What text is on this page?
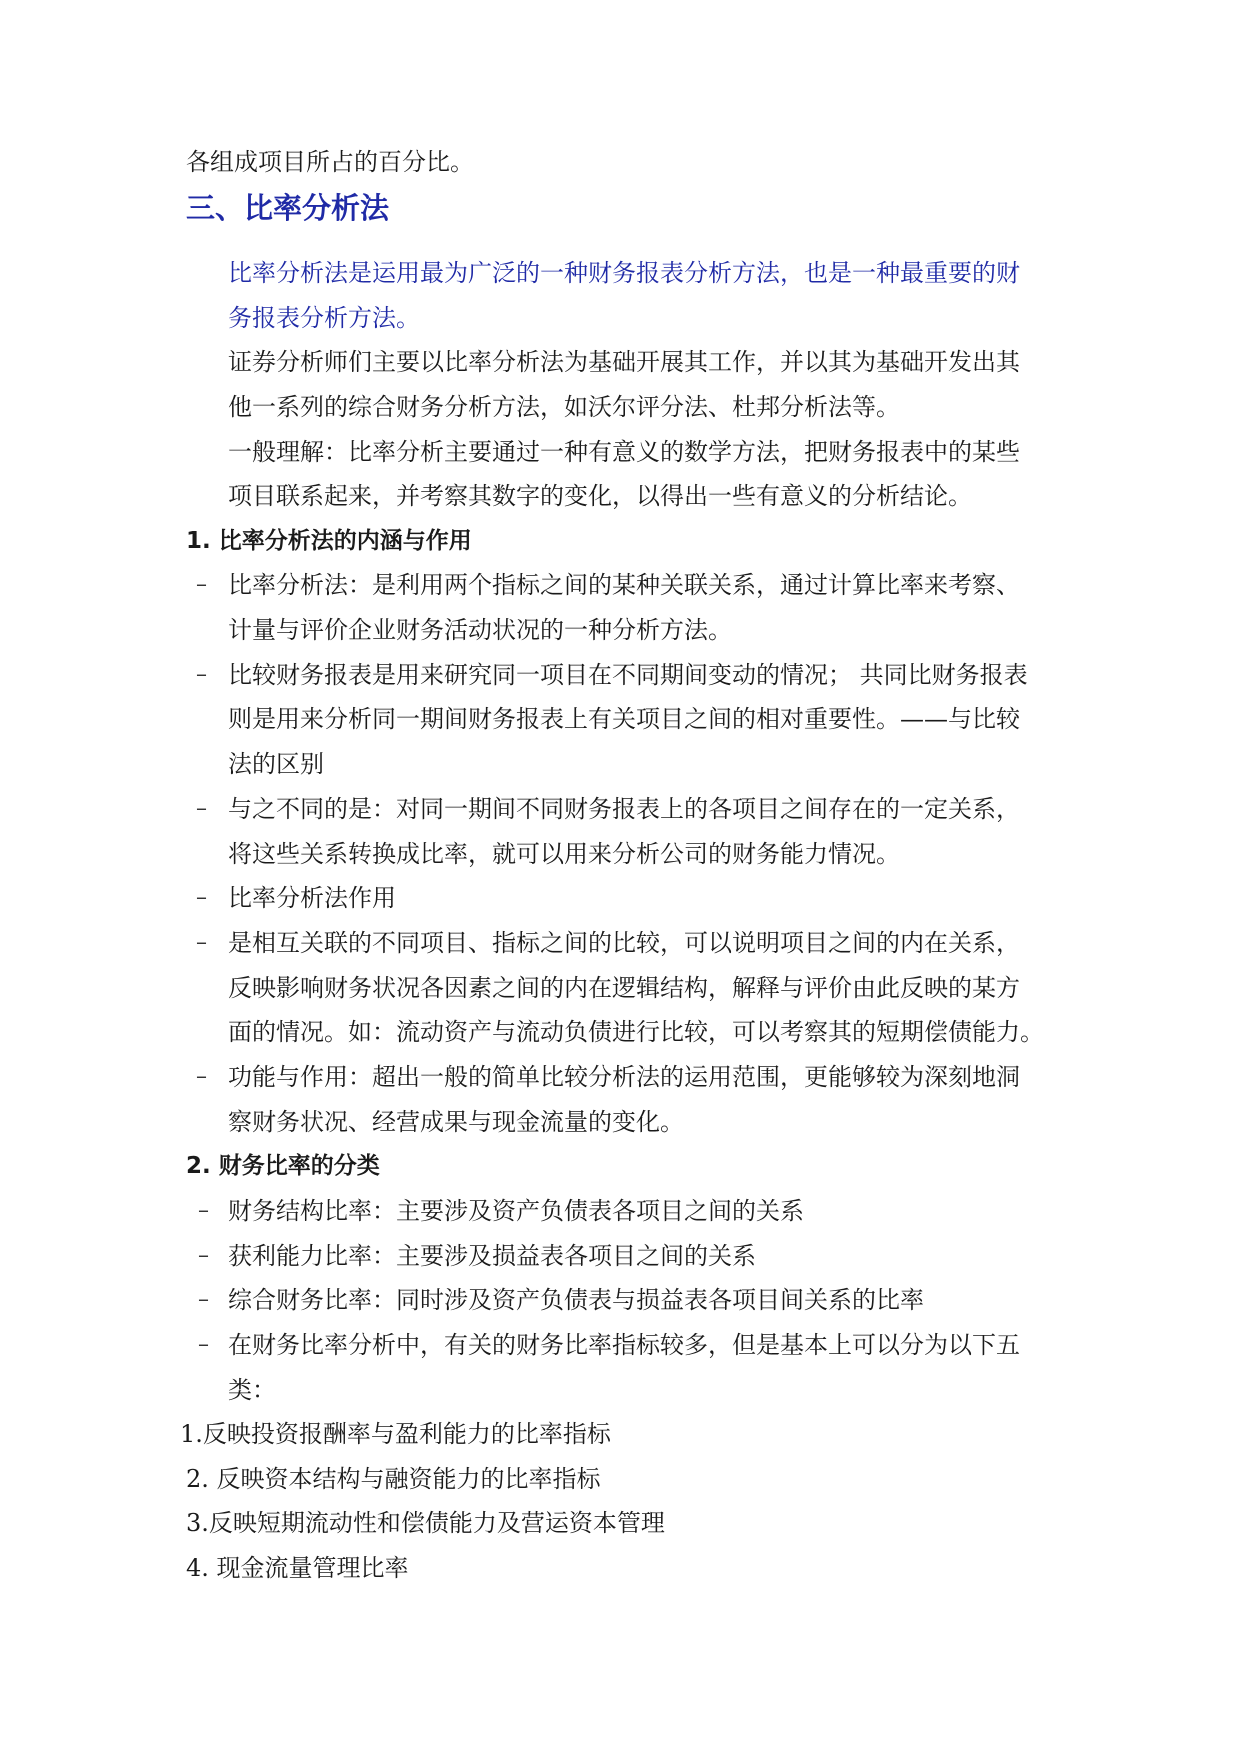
各组成项目所占的百分比。

三、比率分析法

比率分析法是运用最为广泛的一种财务报表分析方法，也是一种最重要的财

务报表分析方法。

证券分析师们主要以比率分析法为基础开展其工作，并以其为基础开发出其

他一系列的综合财务分析方法，如沃尔评分法、杜邦分析法等。

一般理解：比率分析主要通过一种有意义的数学方法，把财务报表中的某些

项目联系起来，并考察其数字的变化，以得出一些有意义的分析结论。

1. 比率分析法的内涵与作用

– 比率分析法：是利用两个指标之间的某种关联关系，通过计算比率来考察、

计量与评价企业财务活动状况的一种分析方法。

– 比较财务报表是用来研究同一项目在不同期间变动的情况； 共同比财务报表

则是用来分析同一期间财务报表上有关项目之间的相对重要性。——与比较

法的区别

– 与之不同的是：对同一期间不同财务报表上的各项目之间存在的一定关系，

将这些关系转换成比率，就可以用来分析公司的财务能力情况。

– 比率分析法作用

– 是相互关联的不同项目、指标之间的比较，可以说明项目之间的内在关系，

反映影响财务状况各因素之间的内在逻辑结构，解释与评价由此反映的某方

面的情况。如：流动资产与流动负债进行比较，可以考察其的短期偿债能力。

– 功能与作用：超出一般的简单比较分析法的运用范围，更能够较为深刻地洞

察财务状况、经营成果与现金流量的变化。

2. 财务比率的分类

– 财务结构比率：主要涉及资产负债表各项目之间的关系

– 获利能力比率：主要涉及损益表各项目之间的关系

– 综合财务比率：同时涉及资产负债表与损益表各项目间关系的比率

– 在财务比率分析中，有关的财务比率指标较多，但是基本上可以分为以下五

类：

1.反映投资报酬率与盈利能力的比率指标

2. 反映资本结构与融资能力的比率指标

3.反映短期流动性和偿债能力及营运资本管理

4. 现金流量管理比率
